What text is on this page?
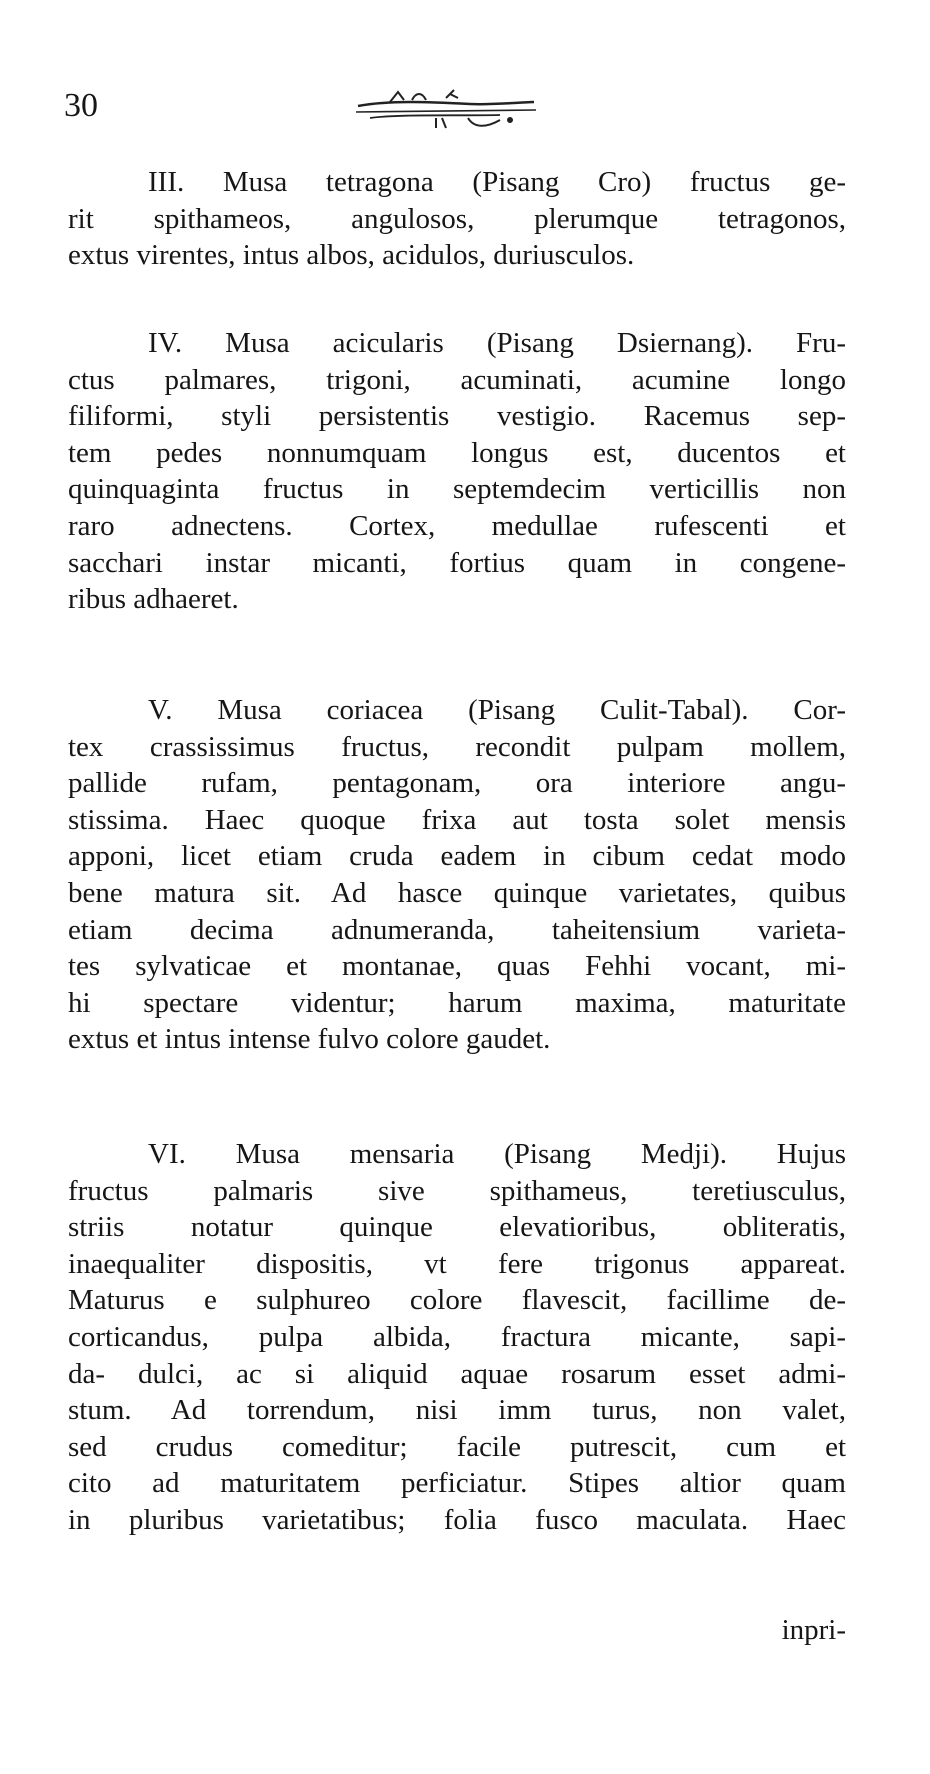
30
III. Musa tetragona (Pisang Cro) fructus ge-
rit spithameos, angulosos, plerumque tetragonos,
extus virentes, intus albos, acidulos, duriusculos.
IV. Musa acicularis (Pisang Dsiernang). Fru-
ctus palmares, trigoni, acuminati, acumine longo
filiformi, styli persistentis vestigio. Racemus sep-
tem pedes nonnumquam longus est, ducentos et
quinquaginta fructus in septemdecim verticillis non
raro adnectens. Cortex, medullae rufescenti et
sacchari instar micanti, fortius quam in congene-
ribus adhaeret.
V. Musa coriacea (Pisang Culit-Tabal). Cor-
tex crassissimus fructus, recondit pulpam mollem,
pallide rufam, pentagonam, ora interiore angu-
stissima. Haec quoque frixa aut tosta solet mensis
apponi, licet etiam cruda eadem in cibum cedat modo
bene matura sit. Ad hasce quinque varietates, quibus
etiam decima adnumeranda, taheitensium varieta-
tes sylvaticae et montanae, quas Fehhi vocant, mi-
hi spectare videntur; harum maxima, maturitate
extus et intus intense fulvo colore gaudet.
VI. Musa mensaria (Pisang Medji). Hujus
fructus palmaris sive spithameus, teretiusculus,
striis notatur quinque elevatioribus, obliteratis,
inaequaliter dispositis, vt fere trigonus appareat.
Maturus e sulphureo colore flavescit, facillime de-
corticandus, pulpa albida, fractura micante, sapi-
da- dulci, ac si aliquid aquae rosarum esset admi-
stum. Ad torrendum, nisi imm turus, non valet,
sed crudus comeditur; facile putrescit, cum et
cito ad maturitatem perficiatur. Stipes altior quam
in pluribus varietatibus; folia fusco maculata. Haec
inpri-
